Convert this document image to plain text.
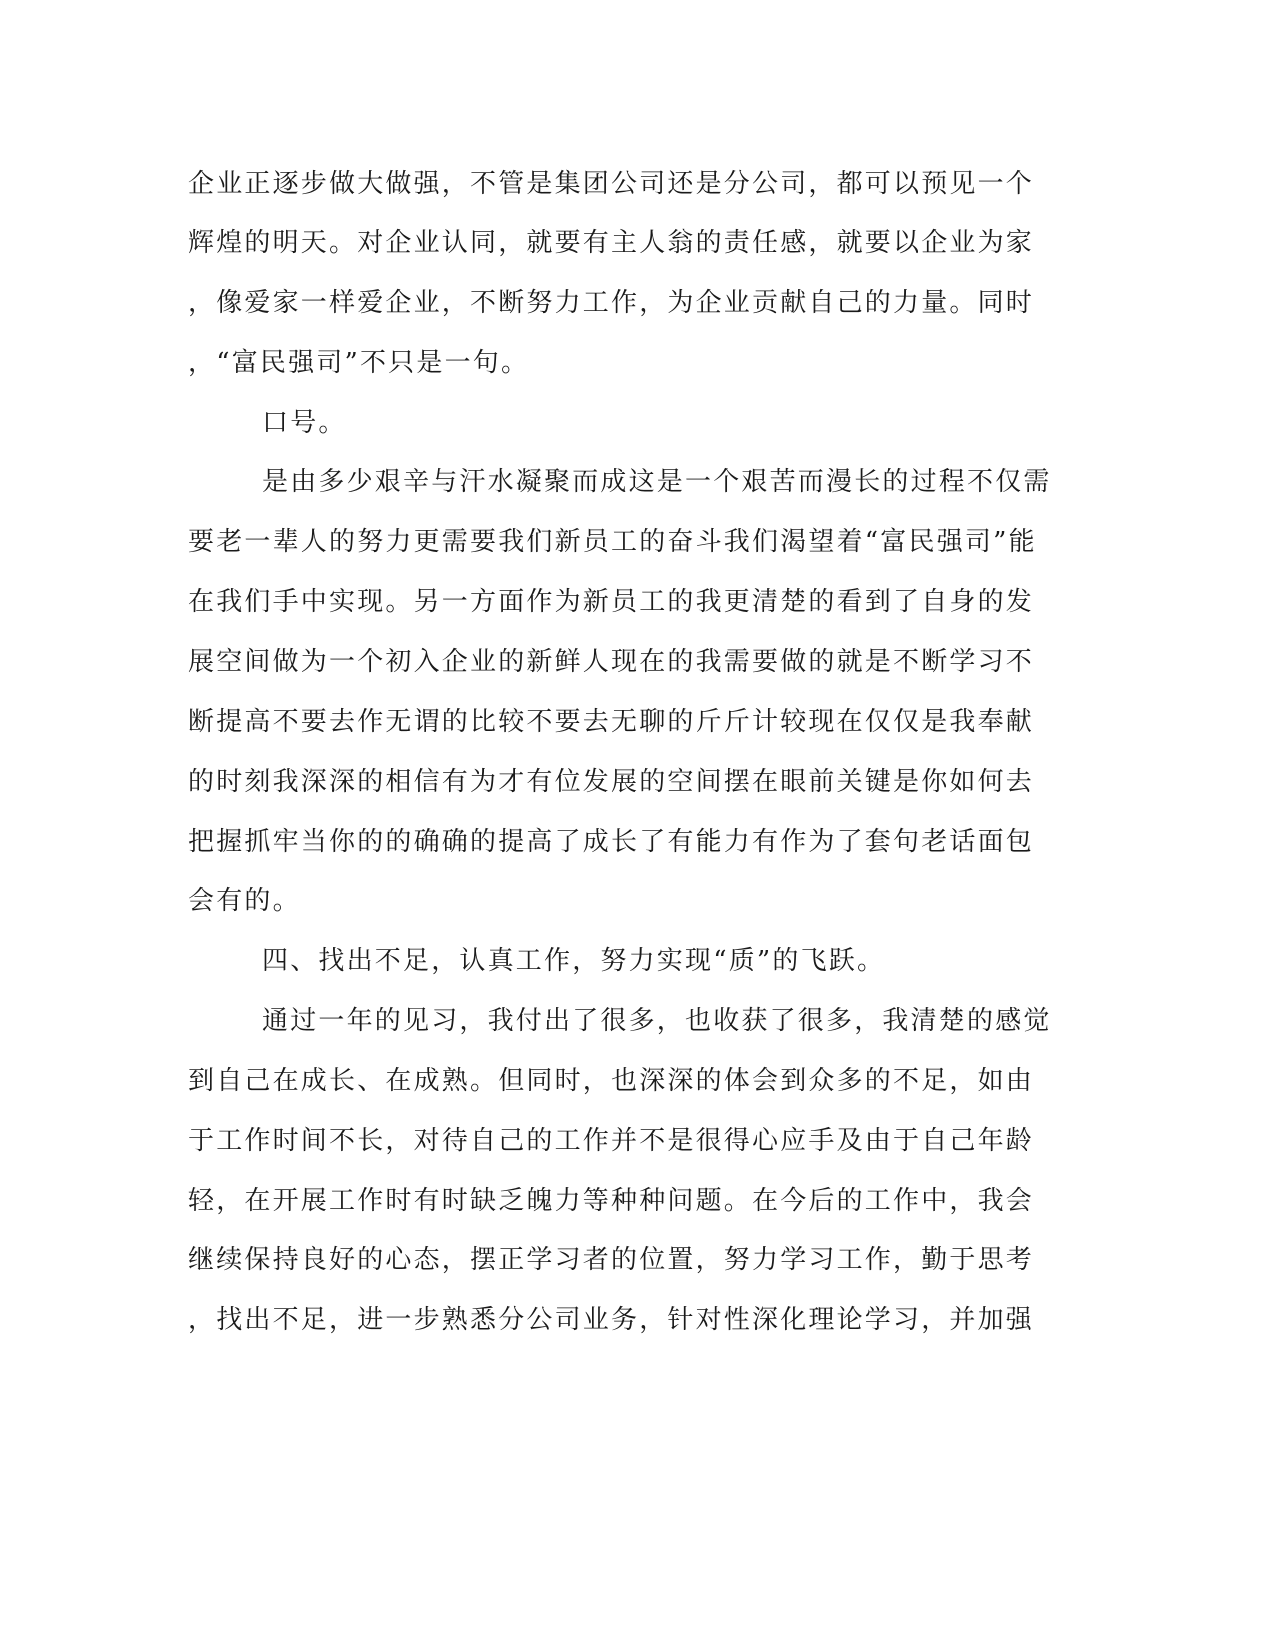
企业正逐步做大做强，不管是集团公司还是分公司，都可以预见一个
辉煌的明天。对企业认同，就要有主人翁的责任感，就要以企业为家
，像爱家一样爱企业，不断努力工作，为企业贡献自己的力量。同时
，“富民强司”不只是一句。
口号。
是由多少艰辛与汗水凝聚而成这是一个艰苦而漫长的过程不仅需
要老一辈人的努力更需要我们新员工的奋斗我们渴望着“富民强司”能
在我们手中实现。另一方面作为新员工的我更清楚的看到了自身的发
展空间做为一个初入企业的新鲜人现在的我需要做的就是不断学习不
断提高不要去作无谓的比较不要去无聊的斤斤计较现在仅仅是我奉献
的时刻我深深的相信有为才有位发展的空间摆在眼前关键是你如何去
把握抓牢当你的的确确的提高了成长了有能力有作为了套句老话面包
会有的。
四、找出不足，认真工作，努力实现“质”的飞跃。
通过一年的见习，我付出了很多，也收获了很多，我清楚的感觉
到自己在成长、在成熟。但同时，也深深的体会到众多的不足，如由
于工作时间不长，对待自己的工作并不是很得心应手及由于自己年龄
轻，在开展工作时有时缺乏魄力等种种问题。在今后的工作中，我会
继续保持良好的心态，摆正学习者的位置，努力学习工作，勤于思考
，找出不足，进一步熟悉分公司业务，针对性深化理论学习，并加强
